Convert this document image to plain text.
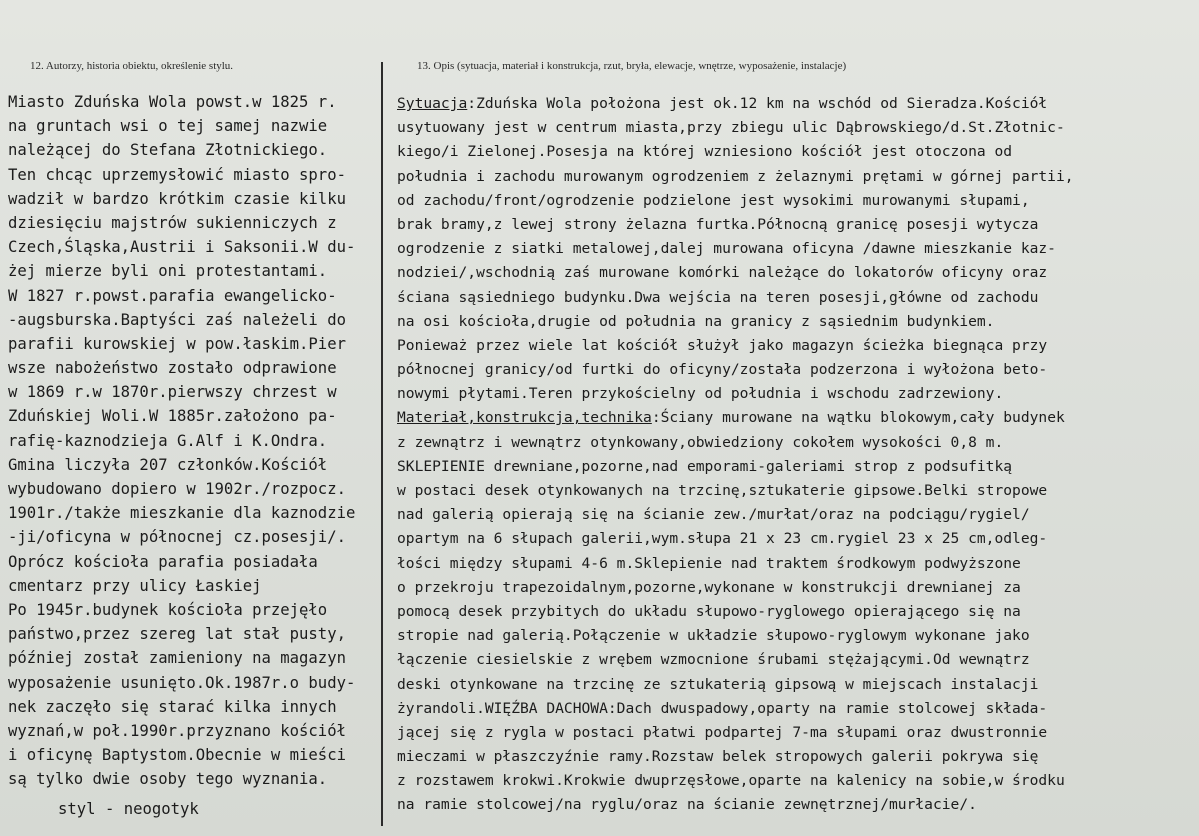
12. Autorzy, historia obiektu, określenie stylu.	13. Opis (sytuacja, materiał i konstrukcja, rzut, bryła, elewacje, wnętrze, wyposażenie, instalacje)
Miasto Zduńska Wola powst.w 1825 r.
na gruntach wsi o tej samej nazwie
należącej do Stefana Złotnickiego.
Ten chcąc uprzemysłowić miasto spro-
wadził w bardzo krótkim czasie kilku
dziesięciu majstrów sukienniczych z
Czech,Śląska,Austrii i Saksonii.W du-
żej mierze byli oni protestantami.
W 1827 r.powst.parafia ewangelicko-
-augsburska.Baptyści zaś należeli do
parafii kurowskiej w pow.łaskim.Pier
wsze nabożeństwo zostało odprawione
w 1869 r.w 1870r.pierwszy chrzest w
Zduńskiej Woli.W 1885r.założono pa-
rafię-kaznodzieja G.Alf i K.Ondra.
Gmina liczyła 207 członków.Kościół
wybudowano dopiero w 1902r./rozpocz.
1901r./także mieszkanie dla kaznodzie
-ji/oficyna w północnej cz.posesji/.
Oprócz kościoła parafia posiadała
cmentarz przy ulicy Łaskiej
Po 1945r.budynek kościoła przejęło
państwo,przez szereg lat stał pusty,
później został zamieniony na magazyn
wyposażenie usunięto.Ok.1987r.o budy-
nek zaczęło się starać kilka innych
wyznań,w poł.1990r.przyznano kościół
i oficynę Baptystom.Obecnie w mieści
są tylko dwie osoby tego wyznania.
styl - neogotyk
Sytuacja:Zduńska Wola położona jest ok.12 km na wschód od Sieradza.Kościół
usytuowany jest w centrum miasta,przy zbiegu ulic Dąbrowskiego/d.St.Złotnic-
kiego/i Zielonej.Posesja na której wzniesiono kościół jest otoczona od
południa i zachodu murowanym ogrodzeniem z żelaznymi prętami w górnej partii,
od zachodu/front/ogrodzenie podzielone jest wysokimi murowanymi słupami,
brak bramy,z lewej strony żelazna furtka.Północną granicę posesji wytycza
ogrodzenie z siatki metalowej,dalej murowana oficyna /dawne mieszkanie kaz-
nodziei/,wschodnią zaś murowane komórki należące do lokatorów oficyny oraz
ściana sąsiedniego budynku.Dwa wejścia na teren posesji,główne od zachodu
na osi kościoła,drugie od południa na granicy z sąsiednim budynkiem.
Ponieważ przez wiele lat kościół służył jako magazyn ścieżka biegnąca przy
północnej granicy/od furtki do oficyny/została podzerzona i wyłożona beto-
nowymi płytami.Teren przykościelny od południa i wschodu zadrzewiony.
Materiał,konstrukcja,technika:Ściany murowane na wątku blokowym,cały budynek
z zewnątrz i wewnątrz otynkowany,obwiedziony cokołem wysokości 0,8 m.
SKLEPIENIE drewniane,pozorne,nad emporami-galeriami strop z podsufitką
w postaci desek otynkowanych na trzcinę,sztukaterie gipsowe.Belki stropowe
nad galerią opierają się na ścianie zew./murłat/oraz na podciągu/rygiel/
opartym na 6 słupach galerii,wym.słupa 21 x 23 cm.rygiel 23 x 25 cm,odleg-
łości między słupami 4-6 m.Sklepienie nad traktem środkowym podwyższone
o przekroju trapezoidalnym,pozorne,wykonane w konstrukcji drewnianej za
pomocą desek przybitych do układu słupowo-ryglowego opierającego się na
stropie nad galerią.Połączenie w układzie słupowo-ryglowym wykonane jako
łączenie ciesielskie z wrębem wzmocnione śrubami stężającymi.Od wewnątrz
deski otynkowane na trzcinę ze sztukaterią gipsową w miejscach instalacji
żyrandoli.WIĘŹBA DACHOWA:Dach dwuspadowy,oparty na ramie stolcowej składa-
jącej się z rygla w postaci płatwi podpartej 7-ma słupami oraz dwustronnie
mieczami w płaszczyźnie ramy.Rozstaw belek stropowych galerii pokrywa się
z rozstawem krokwi.Krokwie dwuprzęsłowe,oparte na kalenicy na sobie,w środku
na ramie stolcowej/na ryglu/oraz na ścianie zewnętrznej/murłacie/.
